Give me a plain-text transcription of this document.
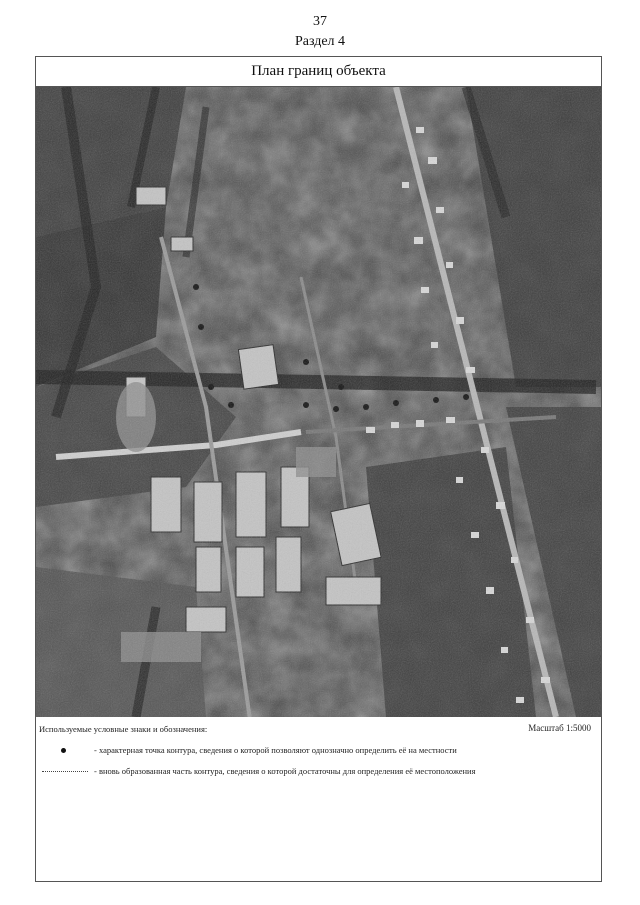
37
Раздел 4
План границ объекта
Используемые условные знаки и обозначения:	Масштаб 1:5000
- характерная точка контура, сведения о которой позволяют однозначно определить её на местности
- вновь образованная часть контура, сведения о которой достаточны для определения её местоположения
